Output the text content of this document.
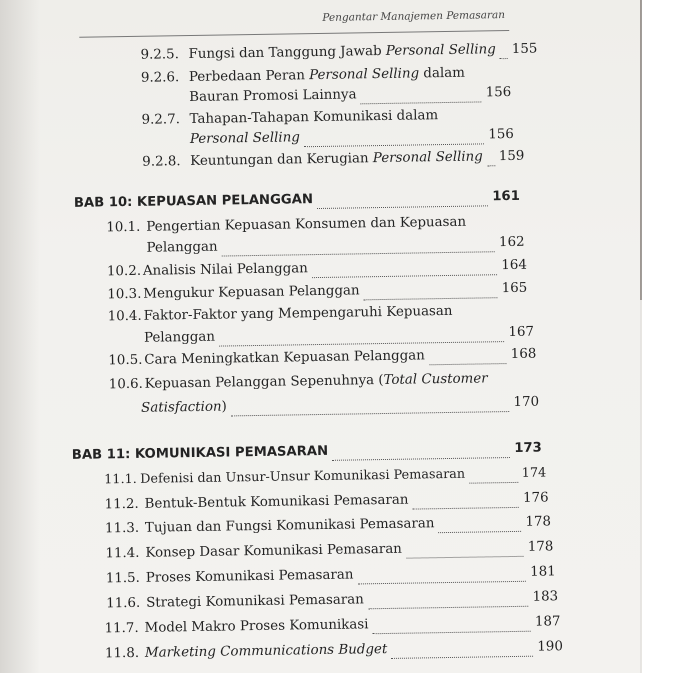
Pengantar Manajemen Pemasaran
9.2.5. Fungsi dan Tanggung Jawab Personal Selling 155
9.2.6. Perbedaan Peran Personal Selling dalam
Bauran Promosi Lainnya	156
9.2.7. Tahapan-Tahapan Komunikasi dalam
Personal Selling	156
9.2.8. Keuntungan dan Kerugian Personal Selling 159
BAB 10: KEPUASAN PELANGGAN	161
10.1. Pengertian Kepuasan Konsumen dan Kepuasan
Pelanggan	162
10.2. Analisis Nilai Pelanggan	164
10.3. Mengukur Kepuasan Pelanggan	165
10.4. Faktor-Faktor yang Mempengaruhi Kepuasan
Pelanggan	167
10.5. Cara Meningkatkan Kepuasan Pelanggan	168
10.6. Kepuasan Pelanggan Sepenuhnya (Total Customer
Satisfaction)	170
BAB 11: KOMUNIKASI PEMASARAN	173
11.1. Defenisi dan Unsur-Unsur Komunikasi Pemasaran	174
11.2. Bentuk-Bentuk Komunikasi Pemasaran	176
11.3. Tujuan dan Fungsi Komunikasi Pemasaran	178
11.4. Konsep Dasar Komunikasi Pemasaran	178
11.5. Proses Komunikasi Pemasaran	181
11.6. Strategi Komunikasi Pemasaran	183
11.7. Model Makro Proses Komunikasi	187
11.8. Marketing Communications Budget	190
